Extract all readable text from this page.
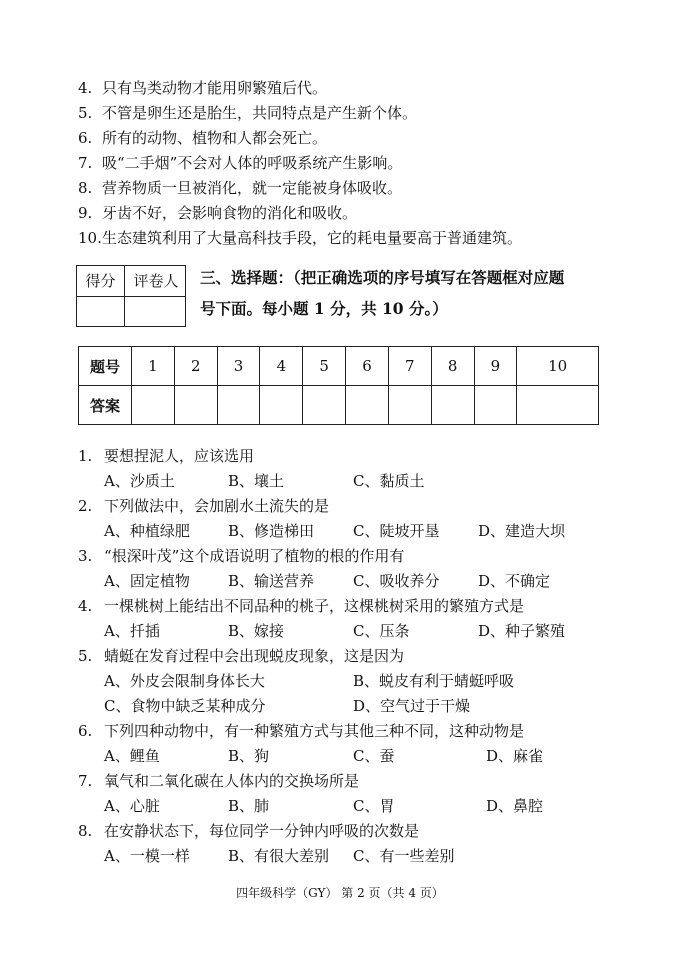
4. 只有鸟类动物才能用卵繁殖后代。
5. 不管是卵生还是胎生，共同特点是产生新个体。
6. 所有的动物、植物和人都会死亡。
7. 吸“二手烟”不会对人体的呼吸系统产生影响。
8. 营养物质一旦被消化，就一定能被身体吸收。
9. 牙齿不好，会影响食物的消化和吸收。
10.生态建筑利用了大量高科技手段，它的耗电量要高于普通建筑。
得分	评卷人	三、选择题：（把正确选项的序号填写在答题框对应题
号下面。每小题 1 分，共 10 分。）
题号	1	2	3	4	5	6	7	8	9	10
答案										
1. 要想捏泥人，应该选用
A、沙质土	B、壤土	C、黏质土
2. 下列做法中，会加剧水土流失的是
A、种植绿肥	B、修造梯田	C、陡坡开垦	D、建造大坝
3. “根深叶茂”这个成语说明了植物的根的作用有
A、固定植物	B、输送营养	C、吸收养分	D、不确定
4. 一棵桃树上能结出不同品种的桃子，这棵桃树采用的繁殖方式是
A、扦插	B、嫁接	C、压条	D、种子繁殖
5. 蜻蜓在发育过程中会出现蜕皮现象，这是因为
A、外皮会限制身体长大	B、蜕皮有利于蜻蜓呼吸
C、食物中缺乏某种成分	D、空气过于干燥
6. 下列四种动物中，有一种繁殖方式与其他三种不同，这种动物是
A、鲤鱼	B、狗	C、蚕	D、麻雀
7. 氧气和二氧化碳在人体内的交换场所是
A、心脏	B、肺	C、胃	D、鼻腔
8. 在安静状态下，每位同学一分钟内呼吸的次数是
A、一模一样	B、有很大差别 C、有一些差别
四年级科学（GY） 第 2 页（共 4 页）
